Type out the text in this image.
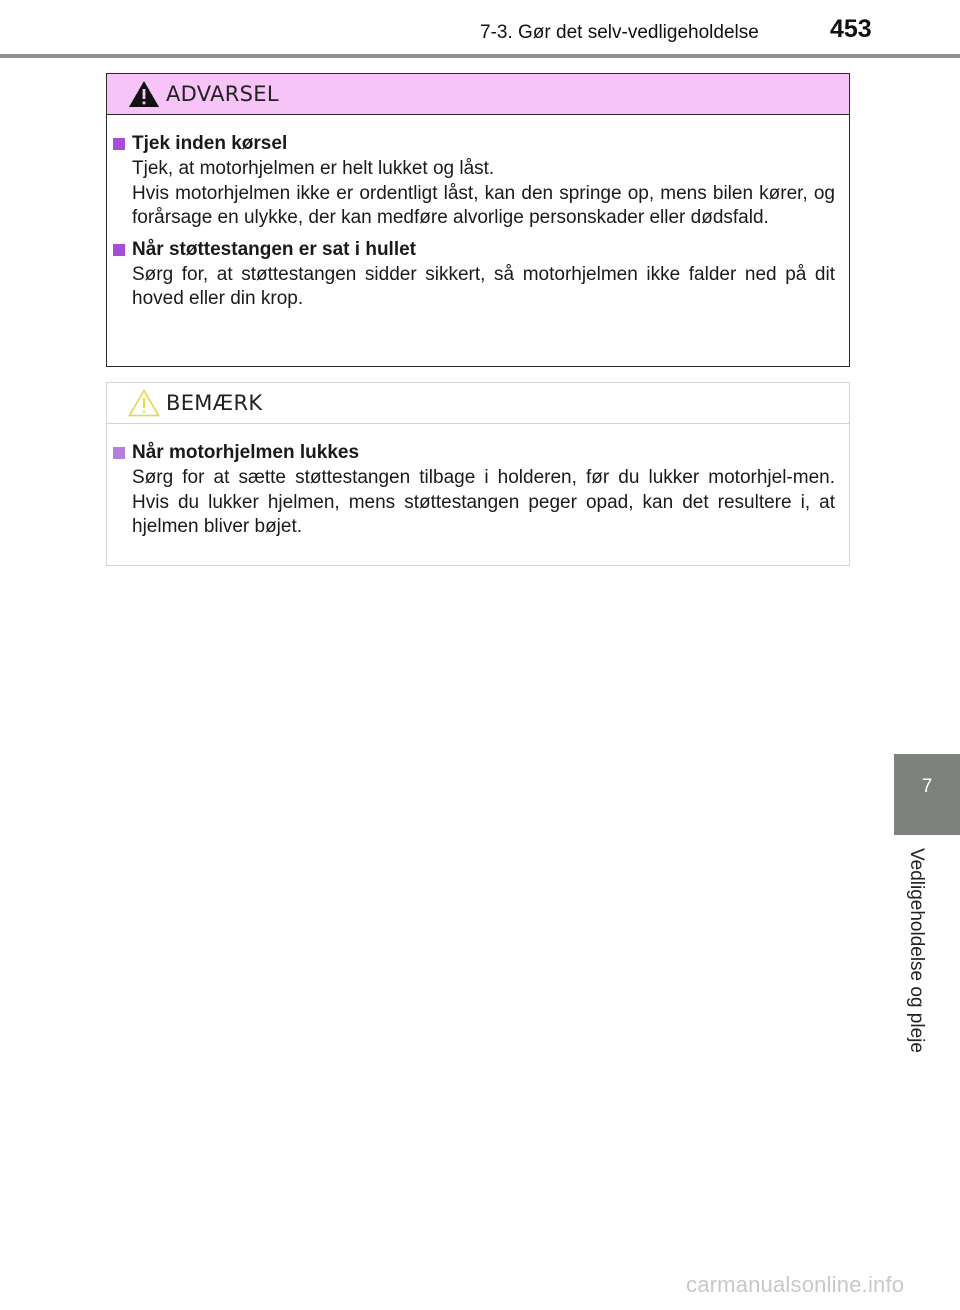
7-3. Gør det selv-vedligeholdelse	453
ADVARSEL
Tjek inden kørsel

Tjek, at motorhjelmen er helt lukket og låst.

Hvis motorhjelmen ikke er ordentligt låst, kan den springe op, mens bilen kører, og forårsage en ulykke, der kan medføre alvorlige personskader eller dødsfald.

Når støttestangen er sat i hullet

Sørg for, at støttestangen sidder sikkert, så motorhjelmen ikke falder ned på dit hoved eller din krop.

BEMÆRK
Når motorhjelmen lukkes

Sørg for at sætte støttestangen tilbage i holderen, før du lukker motorhjel-men. Hvis du lukker hjelmen, mens støttestangen peger opad, kan det resultere i, at hjelmen bliver bøjet.

7
Vedligeholdelse og pleje
carmanualsonline.info
